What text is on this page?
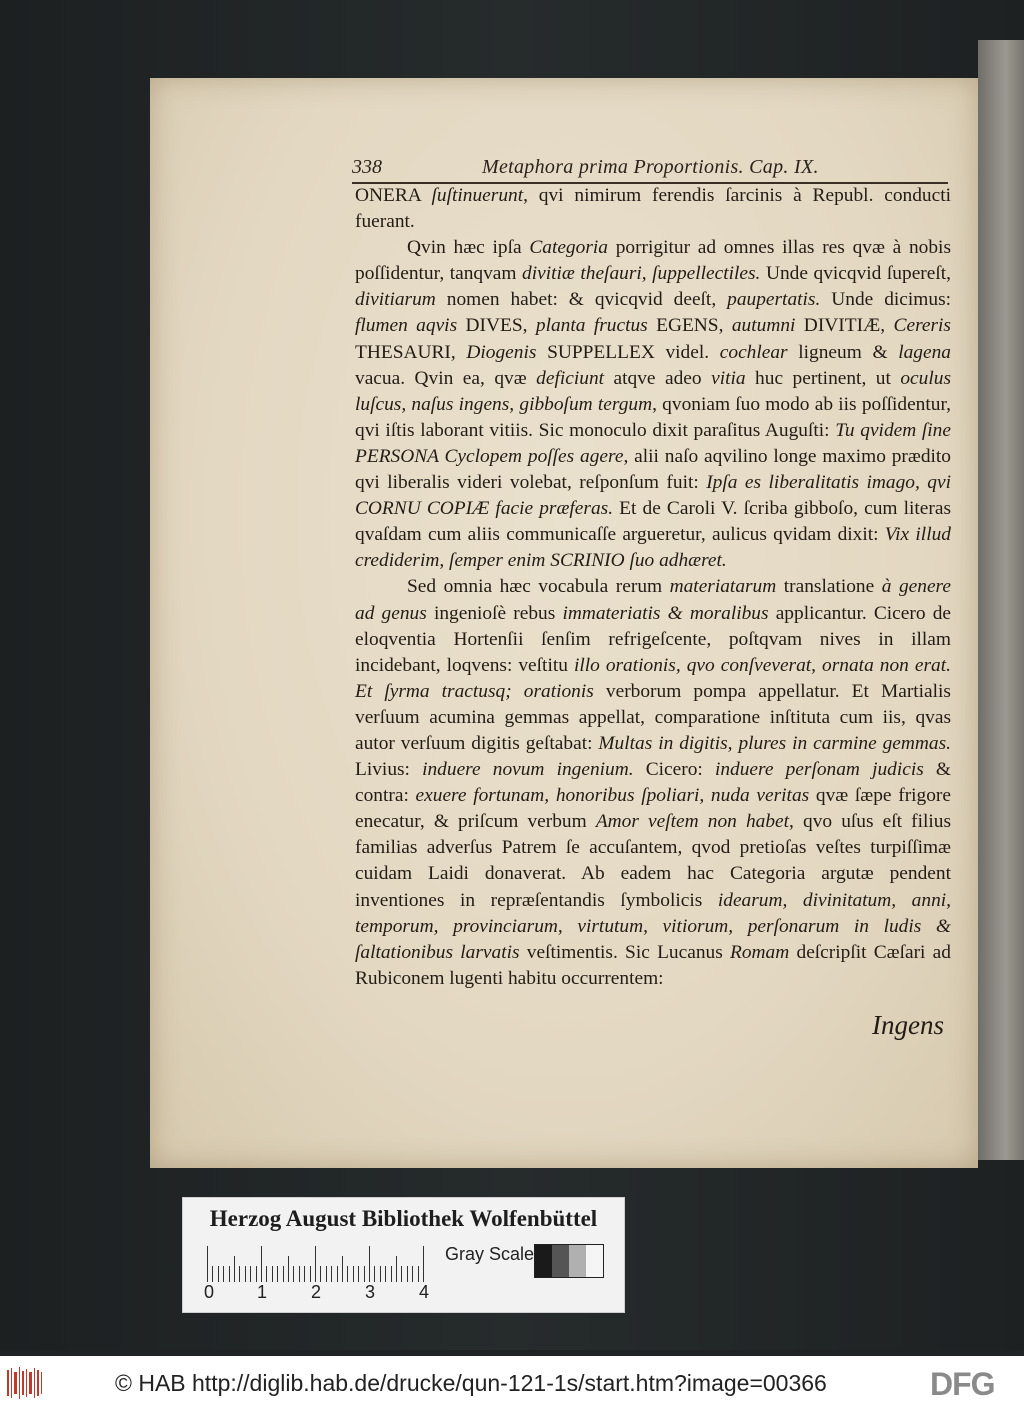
338	Metaphora prima Proportionis. Cap. IX.

ONERA ſuſtinuerunt, qvi nimirum ferendis ſarcinis à Republ. conducti fuerant.

Qvin hæc ipſa Categoria porrigitur ad omnes illas res qvæ à nobis poſſidentur, tanqvam divitiæ theſauri, ſuppellectiles. Unde qvicqvid ſupereſt, divitiarum nomen habet: & qvicqvid deeſt, paupertatis. Unde dicimus: flumen aqvis DIVES, planta fructus EGENS, autumni DIVITIÆ, Cereris THESAURI, Diogenis SUPPELLEX videl. cochlear ligneum & lagena vacua. Qvin ea, qvæ deficiunt atqve adeo vitia huc pertinent, ut oculus luſcus, naſus ingens, gibboſum tergum, qvoniam ſuo modo ab iis poſſidentur, qvi iſtis laborant vitiis. Sic monoculo dixit paraſitus Auguſti: Tu qvidem ſine PERSONA Cyclopem poſſes agere, alii naſo aqvilino longe maximo prædito qvi liberalis videri volebat, reſponſum fuit: Ipſa es liberalitatis imago, qvi CORNU COPIÆ facie præferas. Et de Caroli V. ſcriba gibboſo, cum literas qvaſdam cum aliis communicaſſe argueretur, aulicus qvidam dixit: Vix illud crediderim, ſemper enim SCRINIO ſuo adhæret.

Sed omnia hæc vocabula rerum materiatarum translatione à genere ad genus ingenioſè rebus immateriatis & moralibus applicantur. Cicero de eloqventia Hortenſii ſenſim refrigeſcente, poſtqvam nives in illam incidebant, loqvens: veſtitu illo orationis, qvo conſveverat, ornata non erat. Et ſyrma tractusq; orationis verborum pompa appellatur. Et Martialis verſuum acumina gemmas appellat, comparatione inſtituta cum iis, qvas autor verſuum digitis geſtabat: Multas in digitis, plures in carmine gemmas. Livius: induere novum ingenium. Cicero: induere perſonam judicis & contra: exuere fortunam, honoribus ſpoliari, nuda veritas qvæ ſæpe frigore enecatur, & priſcum verbum Amor veſtem non habet, qvo uſus eſt filius familias adverſus Patrem ſe accuſantem, qvod pretioſas veſtes turpiſſimæ cuidam Laidi donaverat. Ab eadem hac Categoria argutæ pendent inventiones in repræſentandis ſymbolicis idearum, divinitatum, anni, temporum, provinciarum, virtutum, vitiorum, perſonarum in ludis & ſaltationibus larvatis veſtimentis. Sic Lucanus Romam deſcripſit Cæſari ad Rubiconem lugenti habitu occurrentem:

Ingens
Herzog August Bibliothek Wolfenbüttel
0 1 2 3 4
Gray Scale
© HAB http://diglib.hab.de/drucke/qun-121-1s/start.htm?image=00366	DFG
